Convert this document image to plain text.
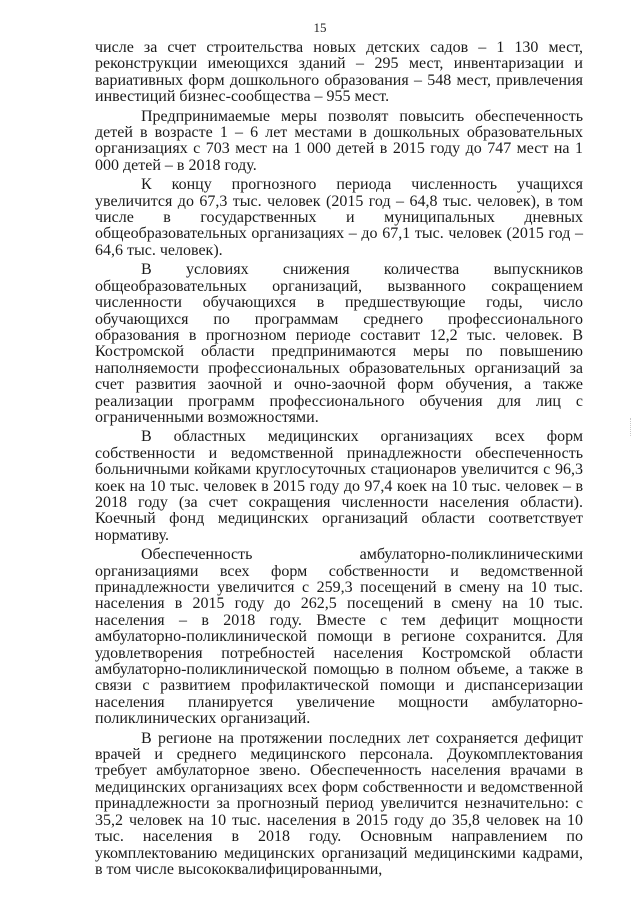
15

числе за счет строительства новых детских садов – 1 130 мест, реконструкции имеющихся зданий – 295 мест, инвентаризации и вариативных форм дошкольного образования – 548 мест, привлечения инвестиций бизнес-сообщества – 955 мест.

Предпринимаемые меры позволят повысить обеспеченность детей в возрасте 1 – 6 лет местами в дошкольных образовательных организациях с 703 мест на 1 000 детей в 2015 году до 747 мест на 1 000 детей – в 2018 году.

К концу прогнозного периода численность учащихся увеличится до 67,3 тыс. человек (2015 год – 64,8 тыс. человек), в том числе в государственных и муниципальных дневных общеобразовательных организациях – до 67,1 тыс. человек (2015 год – 64,6 тыс. человек).

В условиях снижения количества выпускников общеобразовательных организаций, вызванного сокращением численности обучающихся в предшествующие годы, число обучающихся по программам среднего профессионального образования в прогнозном периоде составит 12,2 тыс. человек. В Костромской области предпринимаются меры по повышению наполняемости профессиональных образовательных организаций за счет развития заочной и очно-заочной форм обучения, а также реализации программ профессионального обучения для лиц с ограниченными возможностями.

В областных медицинских организациях всех форм собственности и ведомственной принадлежности обеспеченность больничными койками круглосуточных стационаров увеличится с 96,3 коек на 10 тыс. человек в 2015 году до 97,4 коек на 10 тыс. человек – в 2018 году (за счет сокращения численности населения области). Коечный фонд медицинских организаций области соответствует нормативу.

Обеспеченность амбулаторно-поликлиническими организациями всех форм собственности и ведомственной принадлежности увеличится с 259,3 посещений в смену на 10 тыс. населения в 2015 году до 262,5 посещений в смену на 10 тыс. населения – в 2018 году. Вместе с тем дефицит мощности амбулаторно-поликлинической помощи в регионе сохранится. Для удовлетворения потребностей населения Костромской области амбулаторно-поликлинической помощью в полном объеме, а также в связи с развитием профилактической помощи и диспансеризации населения планируется увеличение мощности амбулаторно-поликлинических организаций.

В регионе на протяжении последних лет сохраняется дефицит врачей и среднего медицинского персонала. Доукомплектования требует амбулаторное звено. Обеспеченность населения врачами в медицинских организациях всех форм собственности и ведомственной принадлежности за прогнозный период увеличится незначительно: с 35,2 человек на 10 тыс. населения в 2015 году до 35,8 человек на 10 тыс. населения в 2018 году. Основным направлением по укомплектованию медицинских организаций медицинскими кадрами, в том числе высококвалифицированными,
